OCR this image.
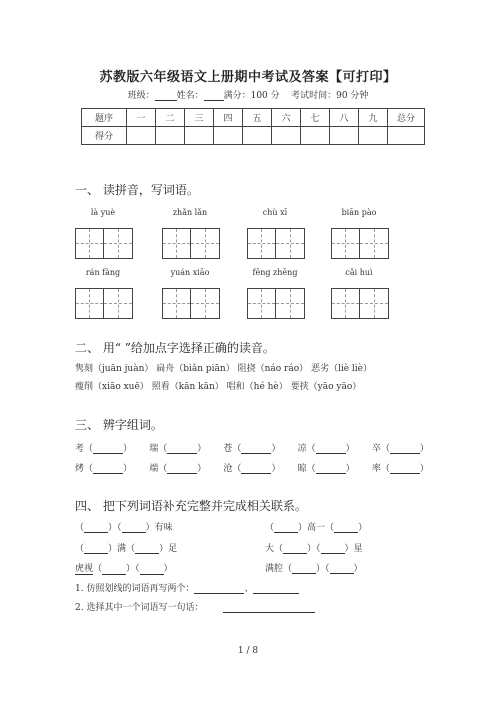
苏教版六年级语文上册期中考试及答案【可打印】
班级： 姓名： 满分：100 分 考试时间：90 分钟
题序	一	二	三	四	五	六	七	八	九	总分
得分										
一、 读拼音，写词语。
là yuè	zhǎn lǎn	chù xī	biān pào
rán fàng	yuán xiāo	fēng zhēng	cǎi huì
二、 用“ ”给加点字选择正确的读音。
隽刻（juān juàn） 扁舟（biǎn piān） 阻挠（náo ráo） 恶劣（liè liè）
瘦削（xiāo xuē） 照看（kān kān） 唱和（hé hè） 要挟（yāo yāo）
三、 辨字组词。
考（	）      瑞（	）      苍（	）      凉（	）      卒（	）
烤（	）      端（	）      沧（	）      晾（	）      率（	）
四、 把下列词语补充完整并完成相关联系。
（	）（	）有味	（	）高一（	）
（	）满（	）足	大（	）（	）星
虎视（	）（	）	满腔（	）（	）
1. 仿照划线的词语再写两个：	、
2. 选择其中一个词语写一句话：
1 / 8
